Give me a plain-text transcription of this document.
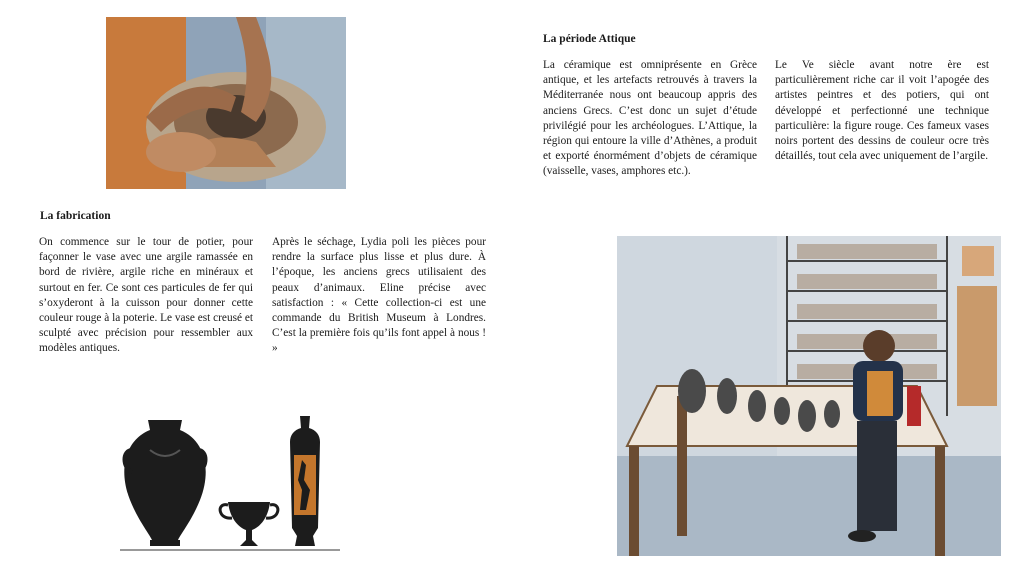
La fabrication
On commence sur le tour de potier, pour façonner le vase avec une argile ramassée en bord de rivière, argile riche en minéraux et surtout en fer. Ce sont ces particules de fer qui s’oxyderont à la cuisson pour donner cette couleur rouge à la poterie. Le vase est creusé et sculpté avec précision pour ressembler aux modèles antiques.
Après le séchage, Lydia poli les pièces pour rendre la surface plus lisse et plus dure. À l’époque, les anciens grecs utilisaient des peaux d’animaux. Eline précise avec satisfaction : « Cette collection-ci est une commande du British Museum à Londres. C’est la première fois qu’ils font appel à nous ! »
La période Attique
La céramique est omniprésente en Grèce antique, et les artefacts retrouvés à travers la Méditerranée nous ont beaucoup appris des anciens Grecs. C’est donc un sujet d’étude privilégié pour les archéologues. L’Attique, la région qui entoure la ville d’Athènes, a produit et exporté énormément d’objets de céramique (vaisselle, vases, amphores etc.).
Le Ve siècle avant notre ère est particulièrement riche car il voit l’apogée des artistes peintres et des potiers, qui ont développé et perfectionné une technique particulière: la figure rouge. Ces fameux vases noirs portent des dessins de couleur ocre très détaillés, tout cela avec uniquement de l’argile.
